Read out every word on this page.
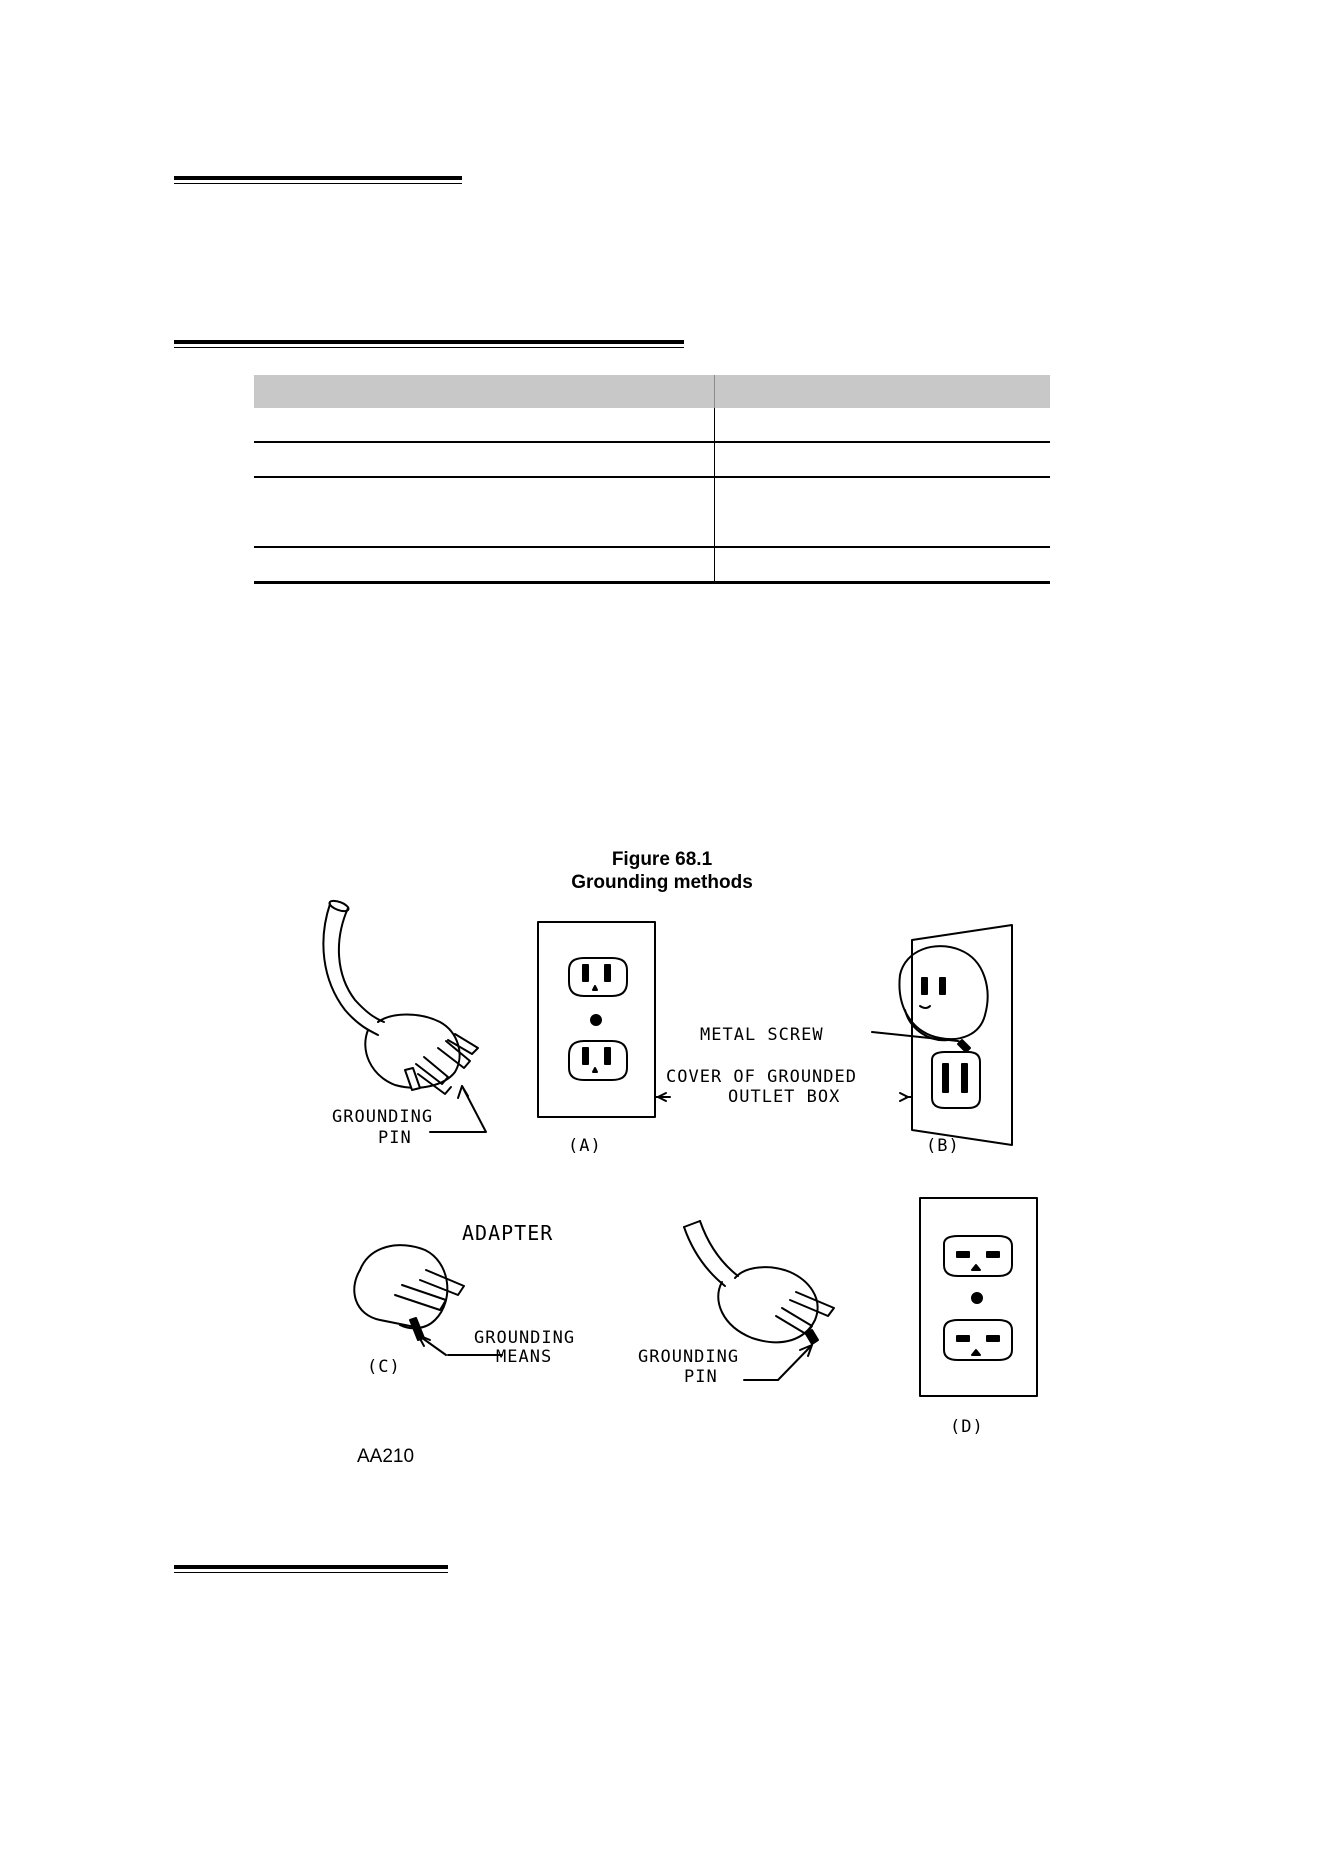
Figure 68.1
Grounding methods
GROUNDING
PIN	(A)
METAL SCREW
COVER OF GROUNDED
OUTLET BOX
(B)
ADAPTER
GROUNDING
MEANS
(C)	GROUNDING
PIN
(D)
AA210
